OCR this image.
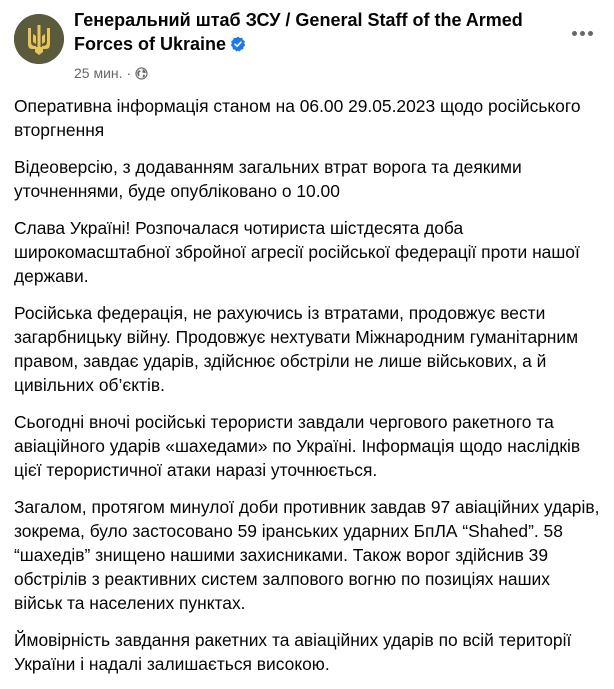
Генеральний штаб ЗСУ / General Staff of the Armed Forces of Ukraine
25 мин. ·

Оперативна інформація станом на 06.00 29.05.2023 щодо російського вторгнення

Відеоверсію, з додаванням загальних втрат ворога та деякими уточненнями, буде опубліковано о 10.00

Слава Україні! Розпочалася чотириста шістдесята доба широкомасштабної збройної агресії російської федерації проти нашої держави.

Російська федерація, не рахуючись із втратами, продовжує вести загарбницьку війну. Продовжує нехтувати Міжнародним гуманітарним правом, завдає ударів, здійснює обстріли не лише військових, а й цивільних об’єктів.

Сьогодні вночі російські терористи завдали чергового ракетного та авіаційного ударів «шахедами» по Україні. Інформація щодо наслідків цієї терористичної атаки наразі уточнюється.

Загалом, протягом минулої доби противник завдав 97 авіаційних ударів, зокрема, було застосовано 59 іранських ударних БпЛА “Shahed”. 58 “шахедів” знищено нашими захисниками. Також ворог здійснив 39 обстрілів з реактивних систем залпового вогню по позиціях наших військ та населених пунктах.

Ймовірність завдання ракетних та авіаційних ударів по всій території України і надалі залишається високою.
